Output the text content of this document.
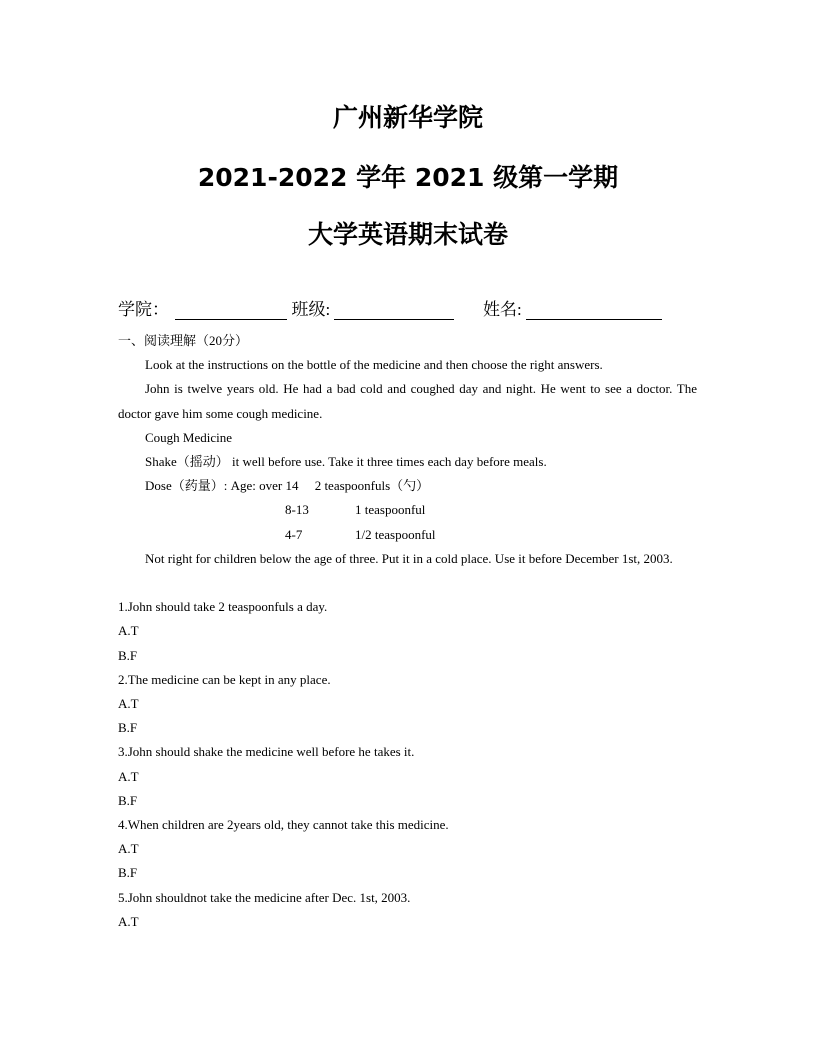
广州新华学院
2021-2022 学年 2021 级第一学期
大学英语期末试卷
学院：	班级:	姓名:

一、阅读理解（20分）

Look at the instructions on the bottle of the medicine and then choose the right answers.

John is twelve years old. He had a bad cold and coughed day and night. He went to see a doctor. The doctor gave him some cough medicine.

Cough Medicine

Shake（摇动） it well before use. Take it three times each day before meals.

Dose（药量）: Age: over 14     2 teaspoonfuls（勺）

8-13	1 teaspoonful

4-7	1/2 teaspoonful

Not right for children below the age of three. Put it in a cold place. Use it before December 1st, 2003.

1.John should take 2 teaspoonfuls a day.

A.T

B.F

2.The medicine can be kept in any place.

A.T

B.F

3.John should shake the medicine well before he takes it.

A.T

B.F

4.When children are 2years old, they cannot take this medicine.

A.T

B.F

5.John shouldnot take the medicine after Dec. 1st, 2003.

A.T
